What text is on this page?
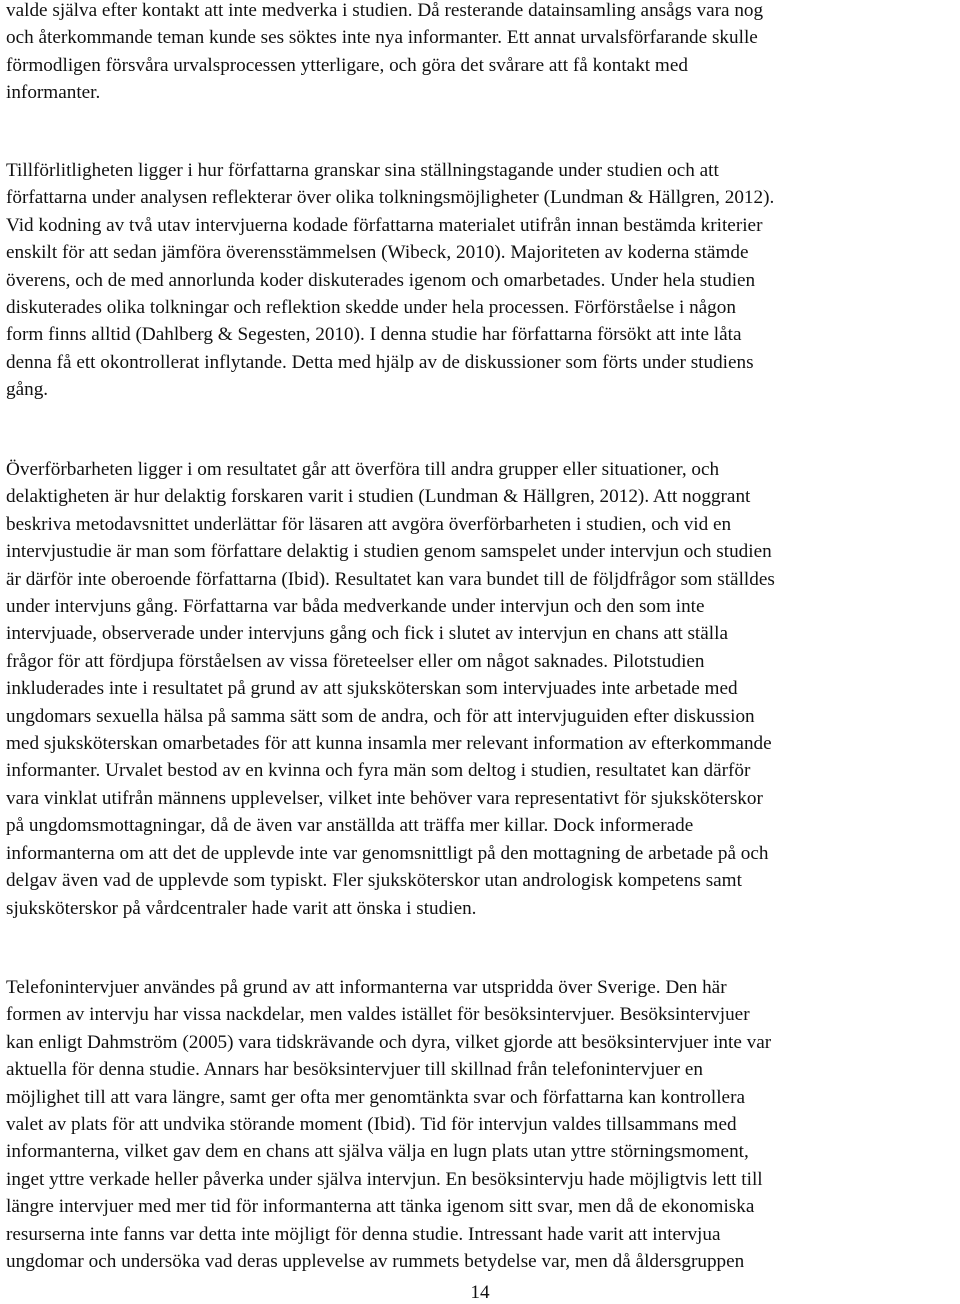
valde själva efter kontakt att inte medverka i studien. Då resterande datainsamling ansågs vara nog
och återkommande teman kunde ses söktes inte nya informanter. Ett annat urvalsförfarande skulle
förmodligen försvåra urvalsprocessen ytterligare, och göra det svårare att få kontakt med
informanter.

Tillförlitligheten ligger i hur författarna granskar sina ställningstagande under studien och att
författarna under analysen reflekterar över olika tolkningsmöjligheter (Lundman & Hällgren, 2012).
Vid kodning av två utav intervjuerna kodade författarna materialet utifrån innan bestämda kriterier
enskilt för att sedan jämföra överensstämmelsen (Wibeck, 2010). Majoriteten av koderna stämde
överens, och de med annorlunda koder diskuterades igenom och omarbetades. Under hela studien
diskuterades olika tolkningar och reflektion skedde under hela processen. Förförståelse i någon
form finns alltid (Dahlberg & Segesten, 2010). I denna studie har författarna försökt att inte låta
denna få ett okontrollerat inflytande. Detta med hjälp av de diskussioner som förts under studiens
gång.

Överförbarheten ligger i om resultatet går att överföra till andra grupper eller situationer, och
delaktigheten är hur delaktig forskaren varit i studien (Lundman & Hällgren, 2012). Att noggrant
beskriva metodavsnittet underlättar för läsaren att avgöra överförbarheten i studien, och vid en
intervjustudie är man som författare delaktig i studien genom samspelet under intervjun och studien
är därför inte oberoende författarna (Ibid). Resultatet kan vara bundet till de följdfrågor som ställdes
under intervjuns gång. Författarna var båda medverkande under intervjun och den som inte
intervjuade, observerade under intervjuns gång och fick i slutet av intervjun en chans att ställa
frågor för att fördjupa förståelsen av vissa företeelser eller om något saknades. Pilotstudien
inkluderades inte i resultatet på grund av att sjuksköterskan som intervjuades inte arbetade med
ungdomars sexuella hälsa på samma sätt som de andra, och för att intervjuguiden efter diskussion
med sjuksköterskan omarbetades för att kunna insamla mer relevant information av efterkommande
informanter. Urvalet bestod av en kvinna och fyra män som deltog i studien, resultatet kan därför
vara vinklat utifrån männens upplevelser, vilket inte behöver vara representativt för sjuksköterskor
på ungdomsmottagningar, då de även var anställda att träffa mer killar. Dock informerade
informanterna om att det de upplevde inte var genomsnittligt på den mottagning de arbetade på och
delgav även vad de upplevde som typiskt. Fler sjuksköterskor utan andrologisk kompetens samt
sjuksköterskor på vårdcentraler hade varit att önska i studien.

Telefonintervjuer användes på grund av att informanterna var utspridda över Sverige. Den här
formen av intervju har vissa nackdelar, men valdes istället för besöksintervjuer. Besöksintervjuer
kan enligt Dahmström (2005) vara tidskrävande och dyra, vilket gjorde att besöksintervjuer inte var
aktuella för denna studie. Annars har besöksintervjuer till skillnad från telefonintervjuer en
möjlighet till att vara längre, samt ger ofta mer genomtänkta svar och författarna kan kontrollera
valet av plats för att undvika störande moment (Ibid). Tid för intervjun valdes tillsammans med
informanterna, vilket gav dem en chans att själva välja en lugn plats utan yttre störningsmoment,
inget yttre verkade heller påverka under själva intervjun. En besöksintervju hade möjligtvis lett till
längre intervjuer med mer tid för informanterna att tänka igenom sitt svar, men då de ekonomiska
resurserna inte fanns var detta inte möjligt för denna studie. Intressant hade varit att intervjua
ungdomar och undersöka vad deras upplevelse av rummets betydelse var, men då åldersgruppen

14
